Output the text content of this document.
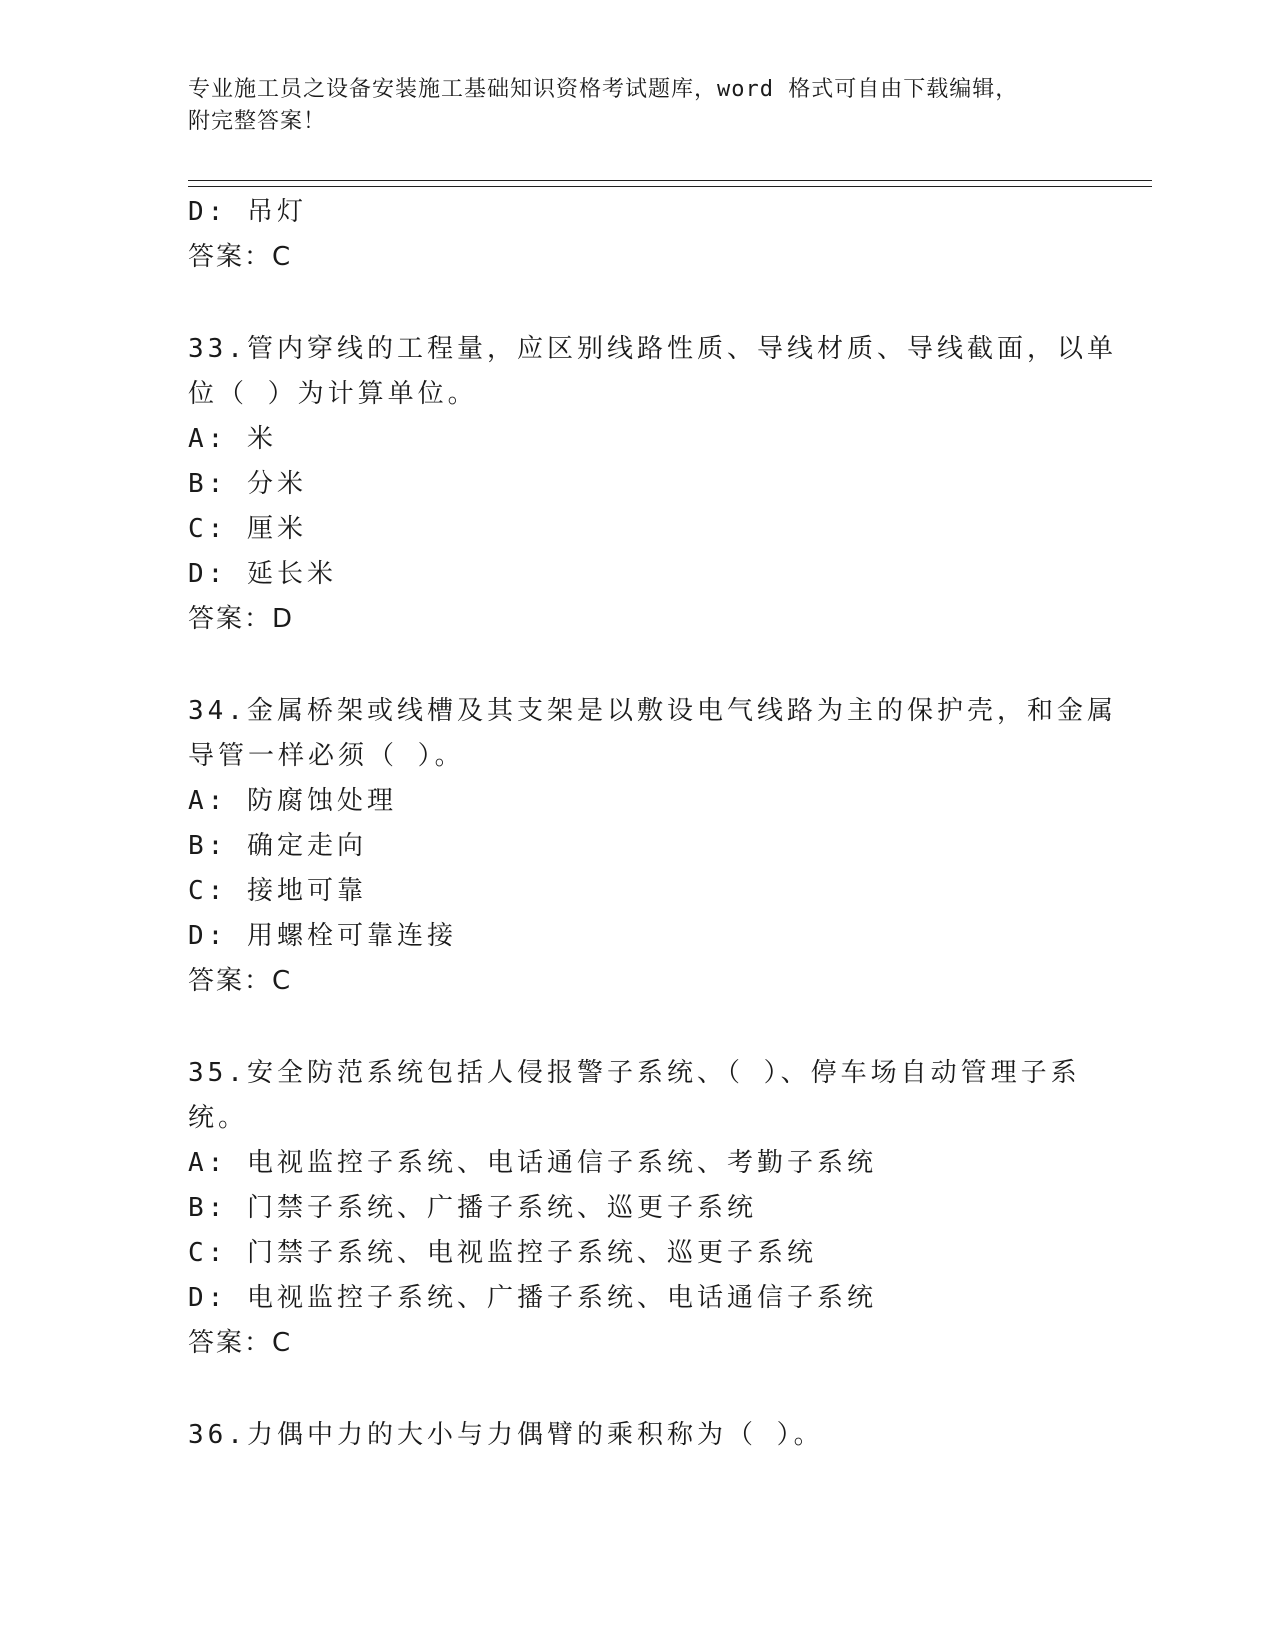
专业施工员之设备安装施工基础知识资格考试题库，word 格式可自由下载编辑，
附完整答案！
D: 吊灯
答案：C
33.管内穿线的工程量，应区别线路性质、导线材质、导线截面，以单
位（ ）为计算单位。
A: 米
B: 分米
C: 厘米
D: 延长米
答案：D
34.金属桥架或线槽及其支架是以敷设电气线路为主的保护壳，和金属
导管一样必须（ ）。
A: 防腐蚀处理
B: 确定走向
C: 接地可靠
D: 用螺栓可靠连接
答案：C
35.安全防范系统包括人侵报警子系统、（ ）、停车场自动管理子系
统。
A: 电视监控子系统、电话通信子系统、考勤子系统
B: 门禁子系统、广播子系统、巡更子系统
C: 门禁子系统、电视监控子系统、巡更子系统
D: 电视监控子系统、广播子系统、电话通信子系统
答案：C
36.力偶中力的大小与力偶臂的乘积称为（ ）。
